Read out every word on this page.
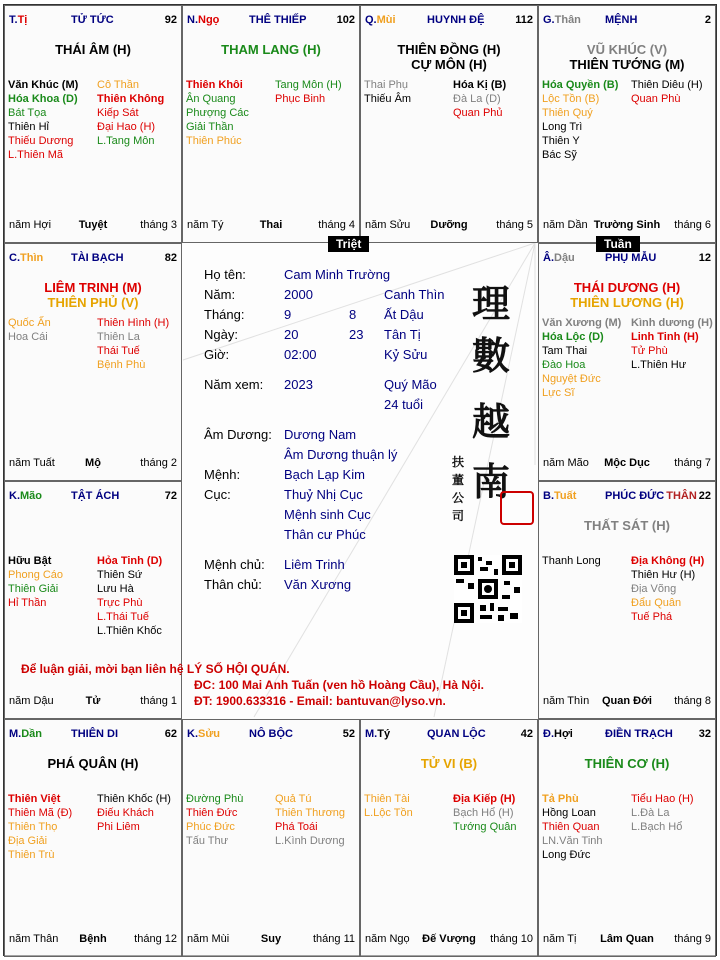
T.Tị	TỬ TỨC	92
THÁI ÂM (H)
Văn Khúc (M)
Hóa Khoa (D)
Bát Tọa
Thiên Hỉ
Thiếu Dương
L.Thiên Mã
Cô Thần
Thiên Không
Kiếp Sát
Đại Hao (H)
L.Tang Môn
năm Hợi	Tuyệt	tháng 3
N.Ngọ	THÊ THIẾP	102
THAM LANG (H)
Thiên Khôi
Ân Quang
Phượng Các
Giải Thần
Thiên Phúc
Tang Môn (H)
Phục Binh
năm Tý	Thai	tháng 4
Q.Mùi	HUYNH ĐỆ	112
THIÊN ĐỒNG (H)
CỰ MÔN (H)
Thai Phụ
Thiếu Âm
Hóa Kị (B)
Đà La (D)
Quan Phủ
năm Sửu	Dưỡng	tháng 5
G.Thân MỆNH	2
VŨ KHÚC (V)
THIÊN TƯỚNG (M)
Hóa Quyền (B)
Lộc Tồn (B)
Thiên Quý
Long Trì
Thiên Y
Bác Sỹ
Thiên Diêu (H)
Quan Phù
năm Dần Trường Sinh	tháng 6
C.Thìn	TÀI BẠCH	82
LIÊM TRINH (M)
THIÊN PHỦ (V)
Quốc Ấn
Hoa Cái
Thiên Hình (H)
Thiên La
Thái Tuế
Bệnh Phù
năm Tuất	Mộ	tháng 2
Â.Dậu	PHỤ MẪU	12
THÁI DƯƠNG (H)
THIÊN LƯƠNG (H)
Văn Xương (M)
Hóa Lộc (D)
Tam Thai
Đào Hoa
Nguyệt Đức
Lực Sĩ
Kình dương (H)
Linh Tinh (H)
Tử Phù
L.Thiên Hư
năm Mão	Mộc Dục	tháng 7
K.Mão	TẬT ÁCH	72
Hữu Bật
Phong Cáo
Thiên Giải
Hỉ Thần
Hỏa Tinh (D)
Thiên Sứ
Lưu Hà
Trực Phù
L.Thái Tuế
L.Thiên Khốc
năm Dậu	Tử	tháng 1
B.Tuất	PHÚC ĐỨC THÂN 22
THẤT SÁT (H)
Thanh Long	Địa Không (H)
Thiên Hư (H)
Địa Võng
Đẩu Quân
Tuế Phá
năm Thìn	Quan Đới	tháng 8
M.Dần	THIÊN DI	62
PHÁ QUÂN (H)
Thiên Việt
Thiên Mã (Đ)
Thiên Thọ
Địa Giải
Thiên Trù
Thiên Khốc (H)
Điếu Khách
Phi Liêm
năm Thân	Bệnh	tháng 12
K.Sửu	NÔ BỘC	52
Đường Phù
Thiên Đức
Phúc Đức
Tấu Thư
Quả Tú
Thiên Thương
Phá Toái
L.Kình Dương
năm Mùi	Suy	tháng 11
M.Tý	QUAN LỘC	42
TỬ VI (B)
Thiên Tài
L.Lộc Tồn
Địa Kiếp (H)
Bạch Hổ (H)
Tướng Quân
năm Ngọ	Đế Vượng	tháng 10
Đ.Hợi	ĐIỀN TRẠCH 32
THIÊN CƠ (H)
Tả Phù
Hồng Loan
Thiên Quan
LN.Văn Tinh
Long Đức
Tiểu Hao (H)
L.Đà La
L.Bạch Hổ
năm Tị	Lâm Quan	tháng 9
Họ tên:	Cam Minh Trường
Năm:	2000	Canh Thìn
Tháng:	9	8 Ất Dậu
Ngày:	20	23 Tân Tị
Giờ:	02:00	Kỷ Sửu
Năm xem: 2023	Quý Mão
24 tuổi
Âm Dương: Dương Nam
Âm Dương thuận lý
Mệnh:	Bạch Lạp Kim
Cục:	Thuỷ Nhị Cục
Mệnh sinh Cục
Thân cư Phúc
Mệnh chủ: Liêm Trinh
Thân chủ: Văn Xương
理
數
越
南
扶 董 公 司
Để luận giải, mời bạn liên hệ LÝ SỐ HỘI QUÁN.
ĐC: 100 Mai Anh Tuấn (ven hồ Hoàng Cầu), Hà Nội.
ĐT: 1900.633316 - Email: bantuvan@lyso.vn.
Triệt	Tuần
